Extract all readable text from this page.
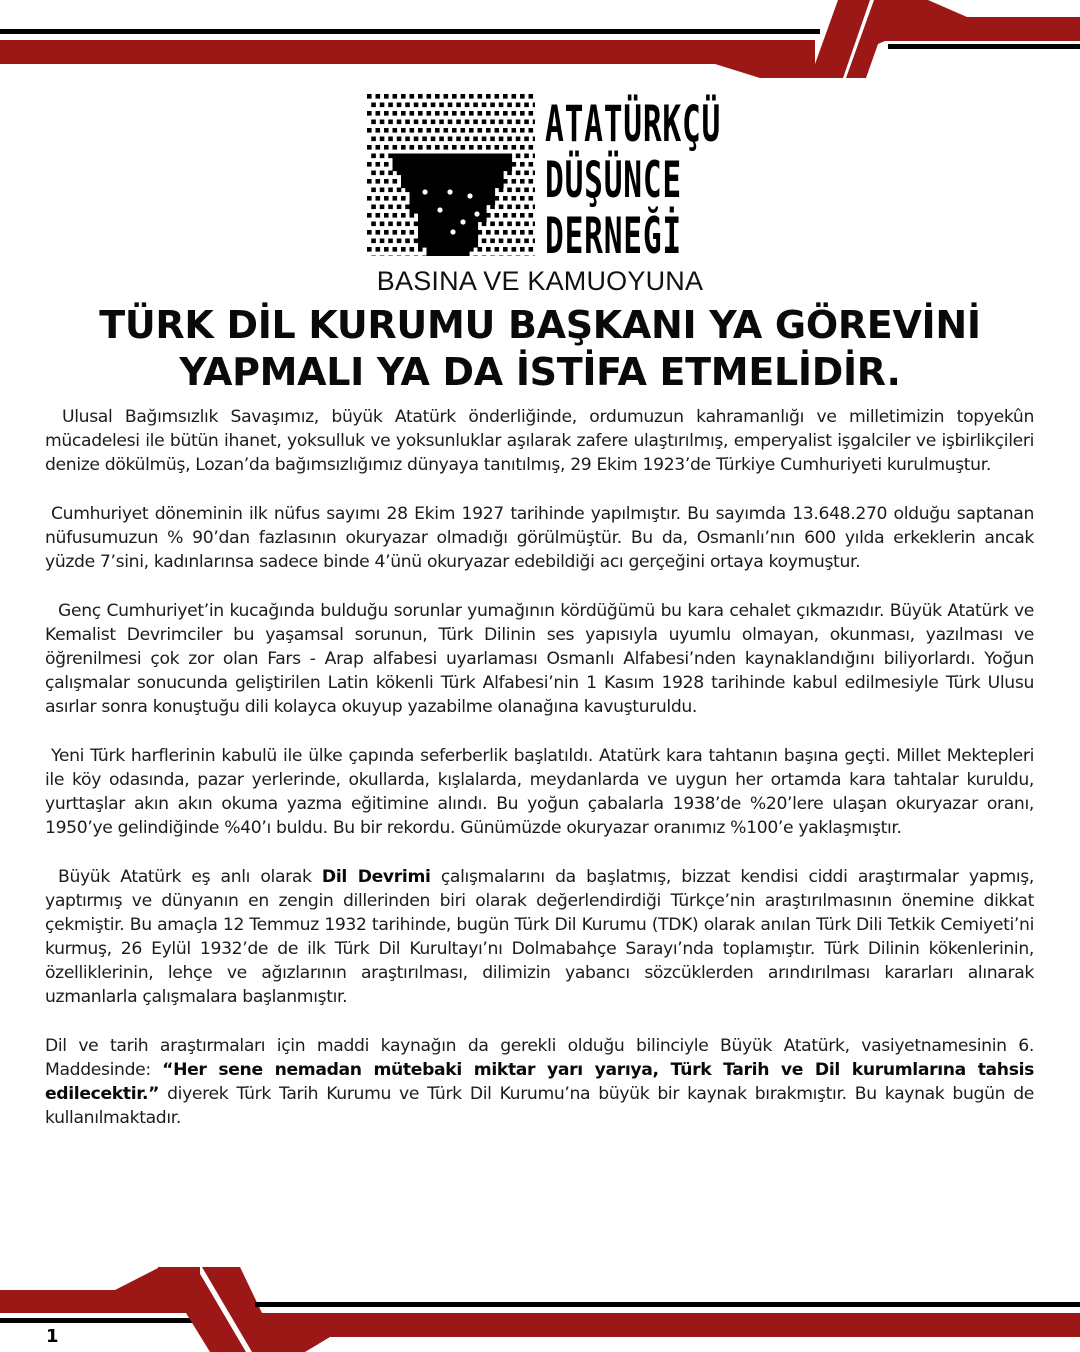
ATATÜRKÇÜ
DÜŞÜNCE
DERNEĞİ
BASINA VE KAMUOYUNA
TÜRK DİL KURUMU BAŞKANI YA GÖREVİNİ
YAPMALI YA DA İSTİFA ETMELİDİR.

Ulusal Bağımsızlık Savaşımız, büyük Atatürk önderliğinde, ordumuzun kahramanlığı ve milletimizin topyekûn mücadelesi ile bütün ihanet, yoksulluk ve yoksunluklar aşılarak zafere ulaştırılmış, emperyalist işgalciler ve işbirlikçileri denize dökülmüş, Lozan’da bağımsızlığımız dünyaya tanıtılmış, 29 Ekim 1923’de Türkiye Cumhuriyeti kurulmuştur.

Cumhuriyet döneminin ilk nüfus sayımı 28 Ekim 1927 tarihinde yapılmıştır. Bu sayımda 13.648.270 olduğu saptanan nüfusumuzun % 90’dan fazlasının okuryazar olmadığı görülmüştür. Bu da, Osmanlı’nın 600 yılda erkeklerin ancak yüzde 7’sini, kadınlarınsa sadece binde 4’ünü okuryazar edebildiği acı gerçeğini ortaya koymuştur.

Genç Cumhuriyet’in kucağında bulduğu sorunlar yumağının kördüğümü bu kara cehalet çıkmazıdır. Büyük Atatürk ve Kemalist Devrimciler bu yaşamsal sorunun, Türk Dilinin ses yapısıyla uyumlu olmayan, okunması, yazılması ve öğrenilmesi çok zor olan Fars - Arap alfabesi uyarlaması Osmanlı Alfabesi’nden kaynaklandığını biliyorlardı. Yoğun çalışmalar sonucunda geliştirilen Latin kökenli Türk Alfabesi’nin 1 Kasım 1928 tarihinde kabul edilmesiyle Türk Ulusu asırlar sonra konuştuğu dili kolayca okuyup yazabilme olanağına kavuşturuldu.

Yeni Türk harflerinin kabulü ile ülke çapında seferberlik başlatıldı. Atatürk kara tahtanın başına geçti. Millet Mektepleri ile köy odasında, pazar yerlerinde, okullarda, kışlalarda, meydanlarda ve uygun her ortamda kara tahtalar kuruldu, yurttaşlar akın akın okuma yazma eğitimine alındı. Bu yoğun çabalarla 1938’de %20’lere ulaşan okuryazar oranı, 1950’ye gelindiğinde %40’ı buldu. Bu bir rekordu. Günümüzde okuryazar oranımız %100’e yaklaşmıştır.

Büyük Atatürk eş anlı olarak Dil Devrimi çalışmalarını da başlatmış, bizzat kendisi ciddi araştırmalar yapmış, yaptırmış ve dünyanın en zengin dillerinden biri olarak değerlendirdiği Türkçe’nin araştırılmasının önemine dikkat çekmiştir. Bu amaçla 12 Temmuz 1932 tarihinde, bugün Türk Dil Kurumu (TDK) olarak anılan Türk Dili Tetkik Cemiyeti’ni kurmuş, 26 Eylül 1932’de de ilk Türk Dil Kurultayı’nı Dolmabahçe Sarayı’nda toplamıştır. Türk Dilinin kökenlerinin, özelliklerinin, lehçe ve ağızlarının araştırılması, dilimizin yabancı sözcüklerden arındırılması kararları alınarak uzmanlarla çalışmalara başlanmıştır.

Dil ve tarih araştırmaları için maddi kaynağın da gerekli olduğu bilinciyle Büyük Atatürk, vasiyetnamesinin 6. Maddesinde: “Her sene nemadan mütebaki miktar yarı yarıya, Türk Tarih ve Dil kurumlarına tahsis edilecektir.” diyerek Türk Tarih Kurumu ve Türk Dil Kurumu’na büyük bir kaynak bırakmıştır. Bu kaynak bugün de kullanılmaktadır.

1
